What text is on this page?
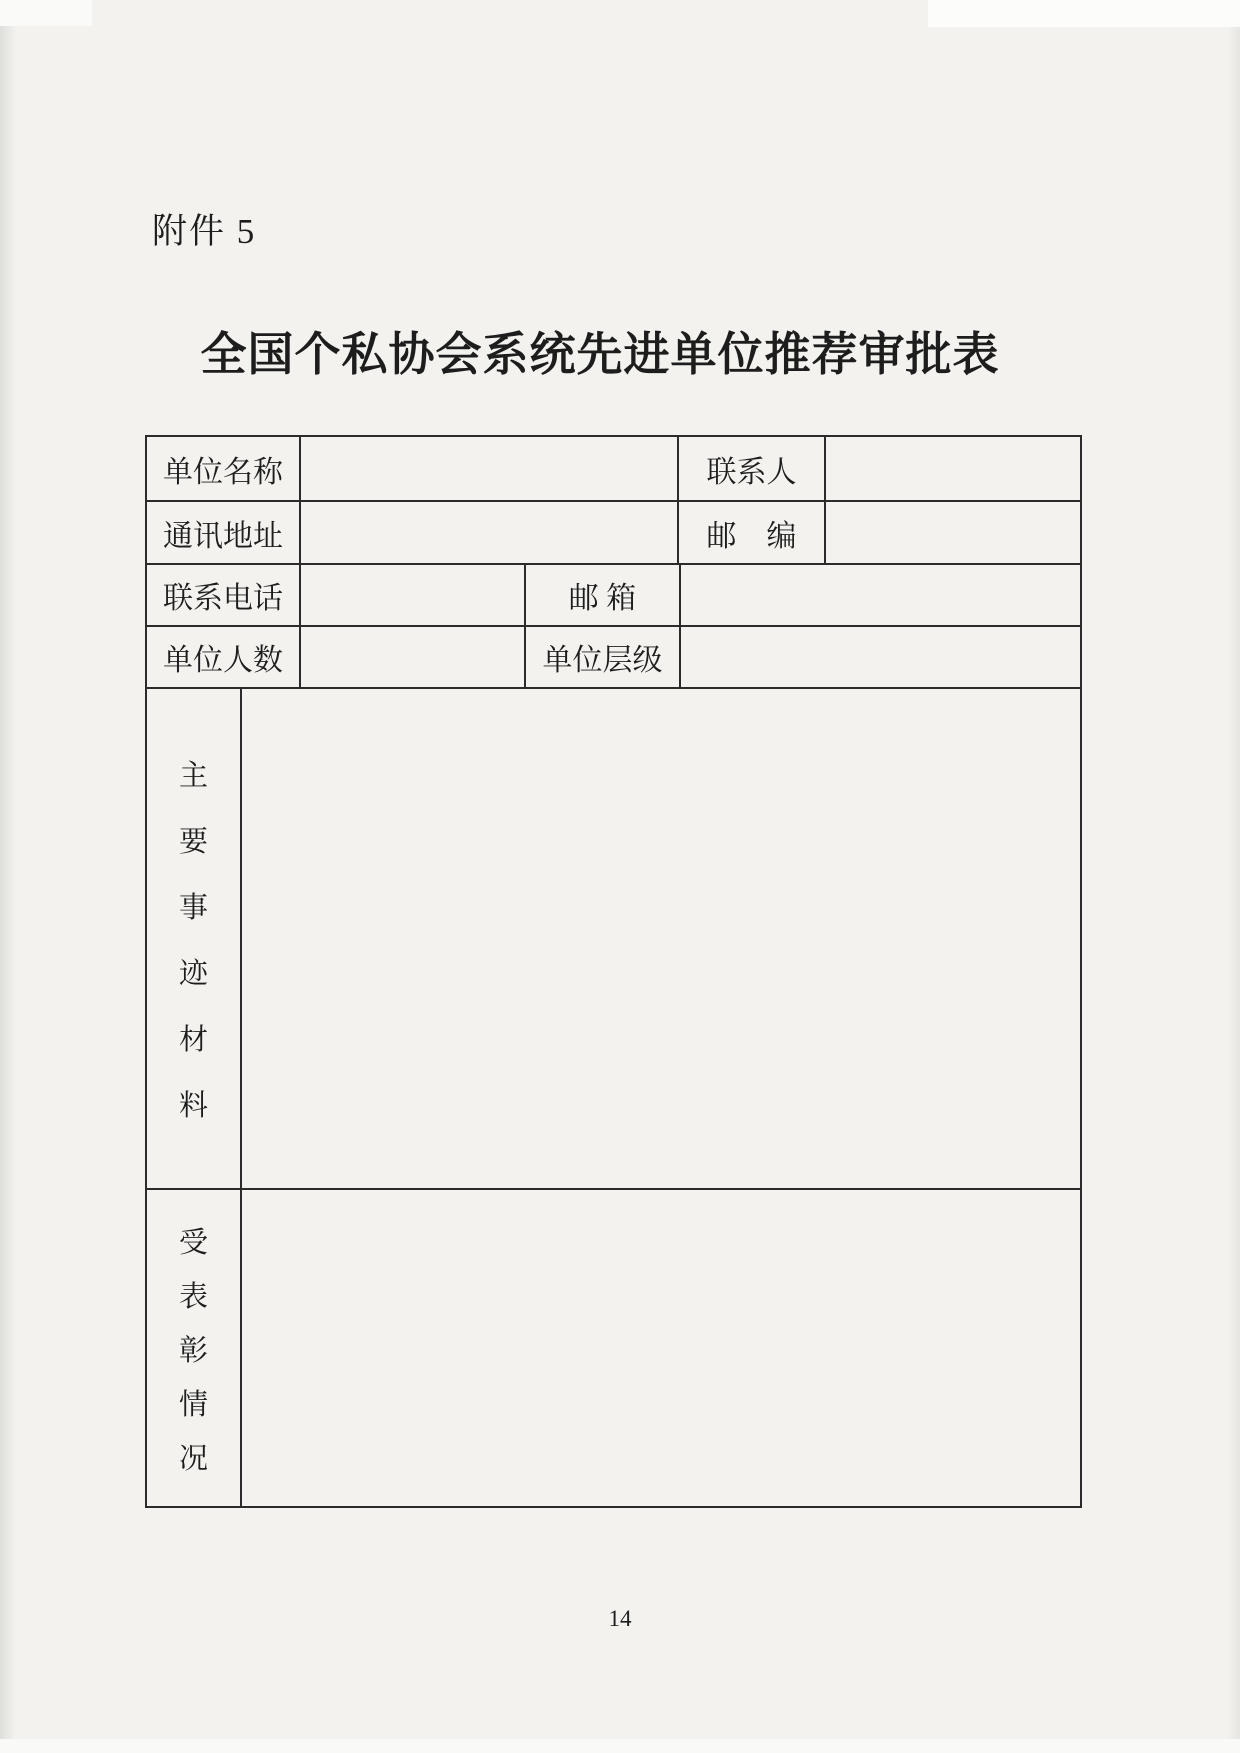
附件 5
全国个私协会系统先进单位推荐审批表
单位名称	联系人
通讯地址	邮　编
联系电话	邮 箱
单位人数	单位层级
主
要
事
迹
材
料
受
表
彰
情
况
14
